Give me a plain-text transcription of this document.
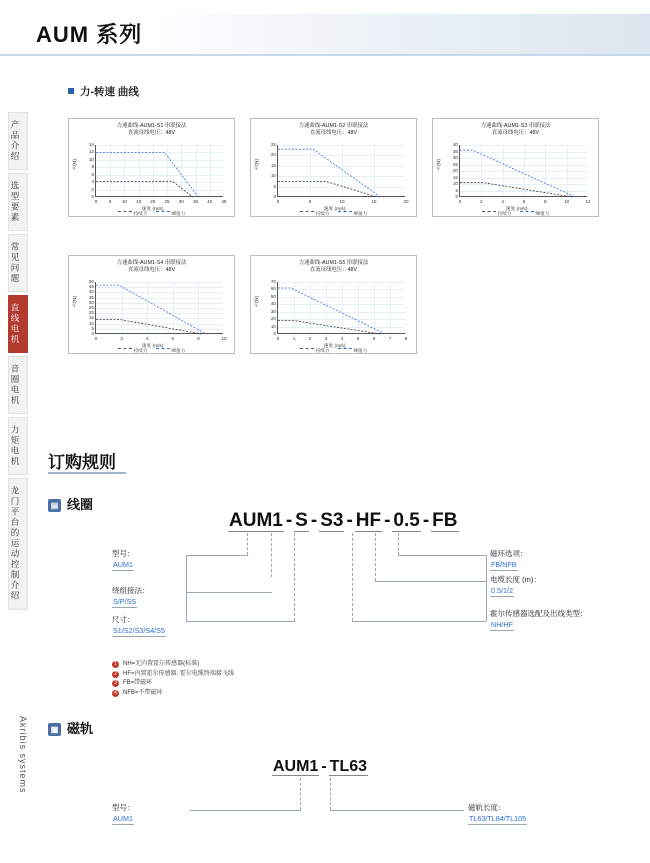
AUM 系列
产品介绍
选型要素
常见问题
直线电机
音圈电机
力矩电机
龙门平台的运动控制介绍
Akribis systems
力-转速 曲线
力速曲线-AUM1-S1 串联接法
直流母线电压：48V
力(N)
14
12
10
8
6
4
2
0
0	5	10	15	20	25	30	35	40	45
速度 (m/s)
持续力	峰值力
力速曲线-AUM1-S2 串联接法
直流母线电压：48V
力(N)
25
20
15
10
5
0
0	5	10	15	20
速度 (m/s)
持续力	峰值力
力速曲线-AUM1-S3 串联接法
直流母线电压：48V
力(N)
40
35
30
25
20
15
10
5
0
0	2	4	6	8	10	12
速度 (m/s)
持续力	峰值力
力速曲线-AUM1-S4 串联接法
直流母线电压：48V
力(N)
50
45
40
35
30
25
20
15
10
5
0
0	2	4	6	8	10
速度 (m/s)
持续力	峰值力
力速曲线-AUM1-S5 串联接法
直流母线电压：48V
力(N)
70
60
50
40
30
20
10
0
0	1	2	3	4	5	6	7	8
速度 (m/s)
持续力	峰值力
订购规则
▤ 线圈
AUM1 - S - S3 - HF - 0.5 - FB
型号：
AUM1
绕组接法：
S/P/SS
尺寸：
S1/S2/S3/S4/S5
磁环选项：
FB/NFB
电缆长度 (m)：
0.5/1/2
霍尔传感器选配及出线类型：
NH/HF
1 NH=无内置霍尔传感器(标准)
2 HF=内置霍尔传感器, 霍尔电缆终端接飞线
3 FB=带磁环
4 NFB=不带磁环
▦ 磁轨
AUM1 - TL63
型号：
AUM1
磁轨长度：
TL63/TL84/TL105
